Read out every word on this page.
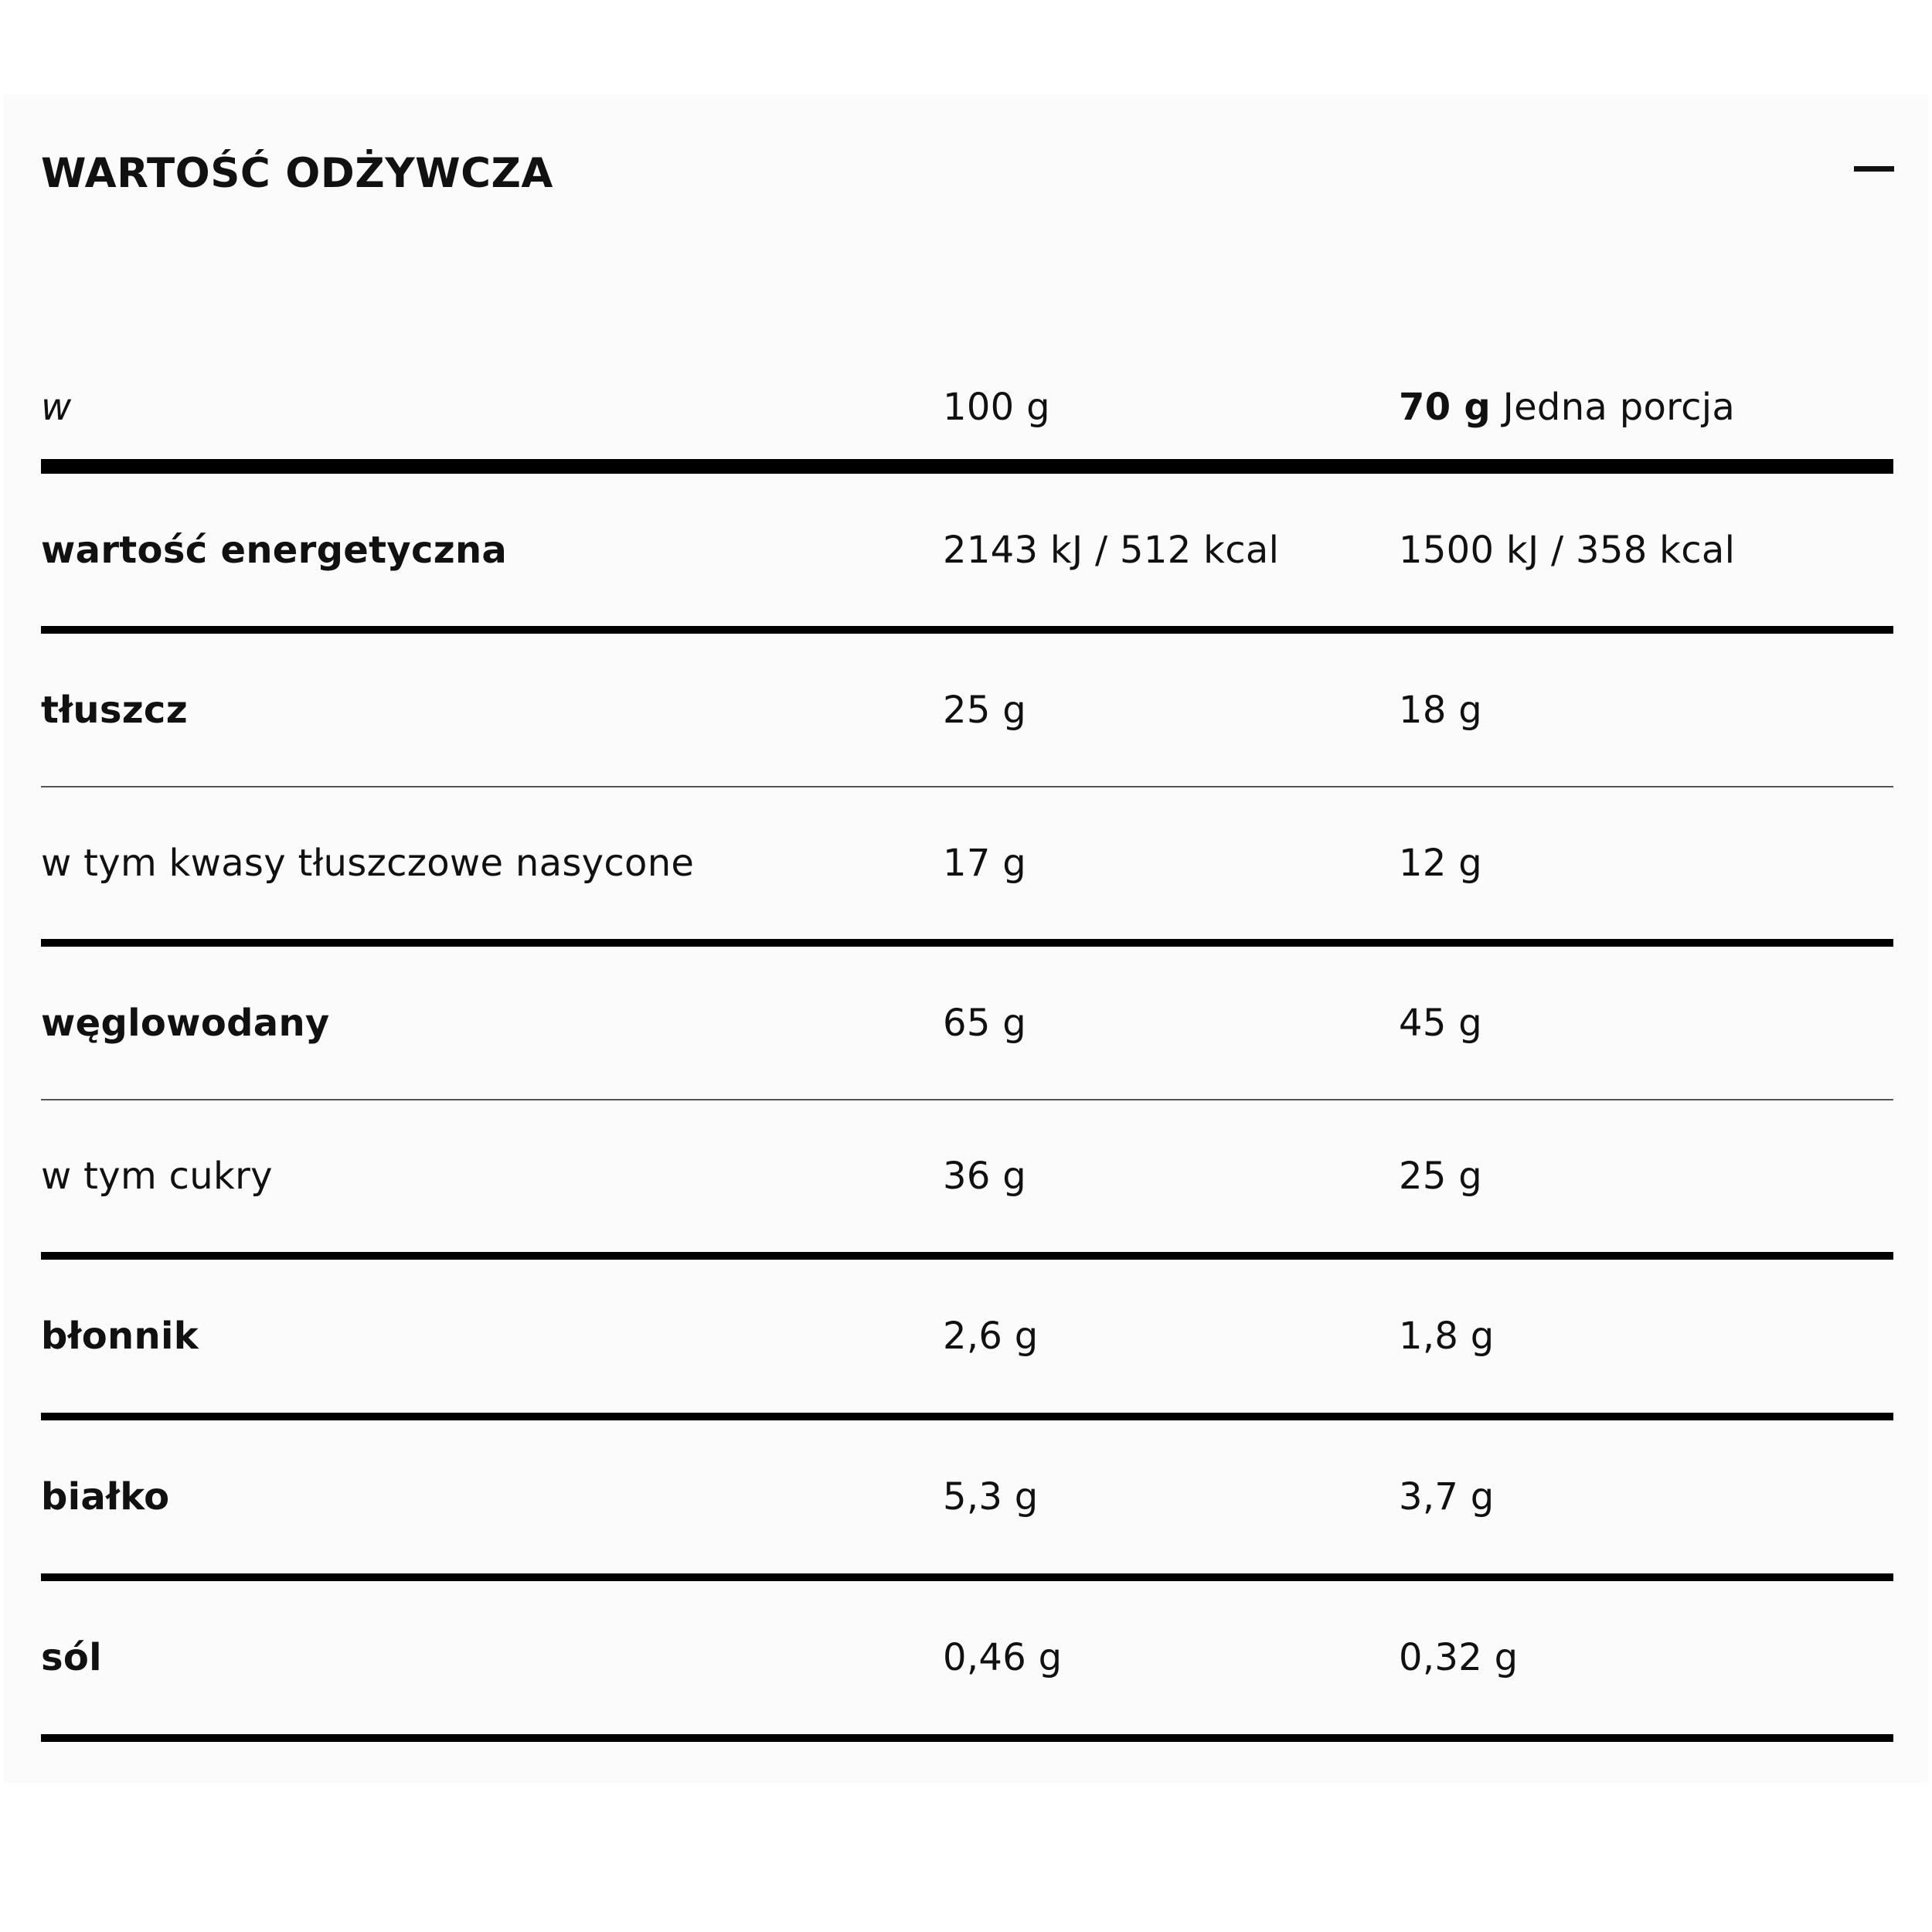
WARTOŚĆ ODŻYWCZA
w	100 g	70 g Jedna porcja
wartość energetyczna	2143 kJ / 512 kcal	1500 kJ / 358 kcal
tłuszcz	25 g	18 g
w tym kwasy tłuszczowe nasycone	17 g	12 g
węglowodany	65 g	45 g
w tym cukry	36 g	25 g
błonnik	2,6 g	1,8 g
białko	5,3 g	3,7 g
sól	0,46 g	0,32 g
